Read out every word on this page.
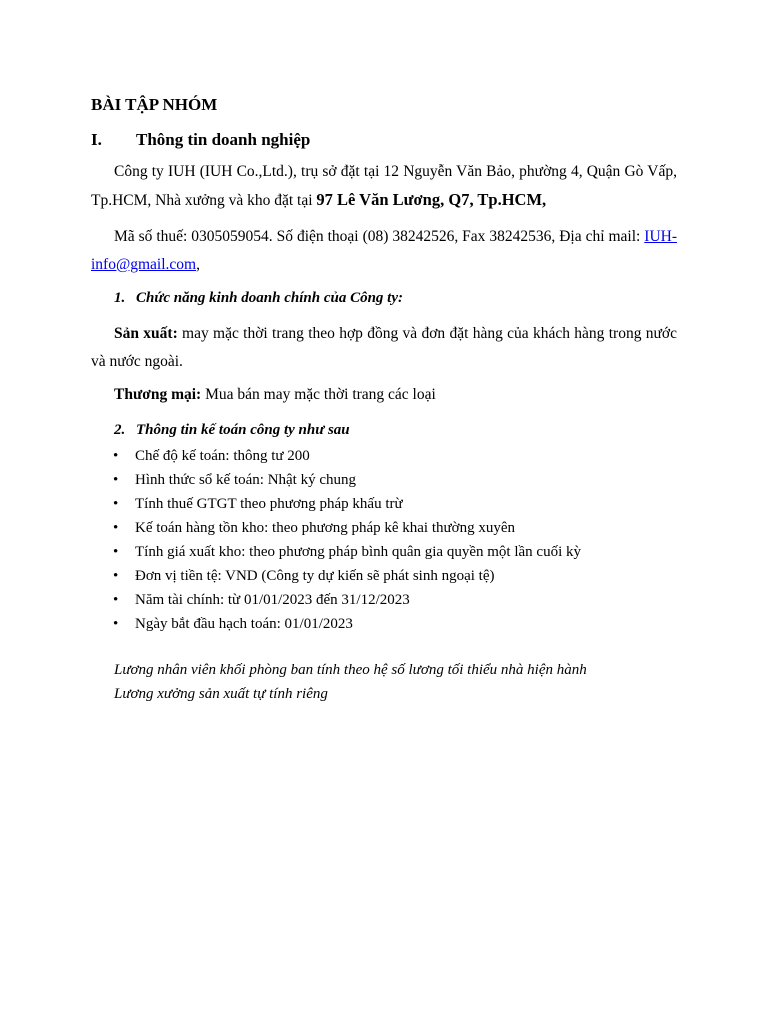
BÀI TẬP NHÓM
I. Thông tin doanh nghiệp
Công ty IUH (IUH Co.,Ltd.), trụ sở đặt tại 12 Nguyễn Văn Bảo, phường 4, Quận Gò Vấp, Tp.HCM, Nhà xưởng và kho đặt tại 97 Lê Văn Lương, Q7, Tp.HCM,
Mã số thuế: 0305059054. Số điện thoại (08) 38242526, Fax 38242536, Địa chỉ mail: IUH-info@gmail.com,
1. Chức năng kinh doanh chính của Công ty:
Sản xuất: may mặc thời trang theo hợp đồng và đơn đặt hàng của khách hàng trong nước và nước ngoài.
Thương mại: Mua bán may mặc thời trang các loại
2. Thông tin kế toán công ty như sau
• Chế độ kế toán: thông tư 200
• Hình thức sổ kế toán: Nhật ký chung
• Tính thuế GTGT theo phương pháp khấu trừ
• Kế toán hàng tồn kho: theo phương pháp kê khai thường xuyên
• Tính giá xuất kho: theo phương pháp bình quân gia quyền một lần cuối kỳ
• Đơn vị tiền tệ: VND (Công ty dự kiến sẽ phát sinh ngoại tệ)
• Năm tài chính: từ 01/01/2023 đến 31/12/2023
• Ngày bắt đầu hạch toán: 01/01/2023
Lương nhân viên khối phòng ban tính theo hệ số lương tối thiểu nhà hiện hành
Lương xưởng sản xuất tự tính riêng
